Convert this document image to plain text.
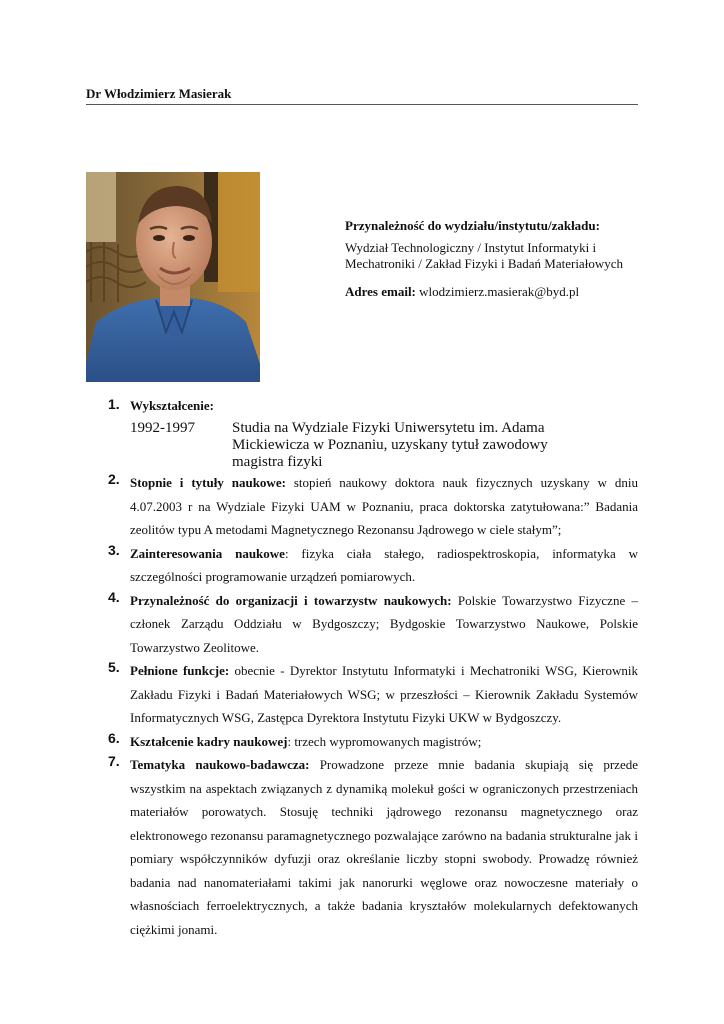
Dr Włodzimierz Masierak
Przynależność do wydziału/instytutu/zakładu:
Wydział Technologiczny / Instytut Informatyki i Mechatroniki / Zakład Fizyki i Badań Materiałowych
Adres email: wlodzimierz.masierak@byd.pl
1. Wykształcenie:
1992-1997	Studia na Wydziale Fizyki Uniwersytetu im. Adama Mickiewicza w Poznaniu, uzyskany tytuł zawodowy magistra fizyki
2. Stopnie i tytuły naukowe: stopień naukowy doktora nauk fizycznych uzyskany w dniu 4.07.2003 r na Wydziale Fizyki UAM w Poznaniu, praca doktorska zatytułowana:” Badania zeolitów typu A metodami Magnetycznego Rezonansu Jądrowego w ciele stałym”;
3. Zainteresowania naukowe: fizyka ciała stałego, radiospektroskopia, informatyka w szczególności programowanie urządzeń pomiarowych.
4. Przynależność do organizacji i towarzystw naukowych: Polskie Towarzystwo Fizyczne – członek Zarządu Oddziału w Bydgoszczy; Bydgoskie Towarzystwo Naukowe, Polskie Towarzystwo Zeolitowe.
5. Pełnione funkcje: obecnie - Dyrektor Instytutu Informatyki i Mechatroniki WSG, Kierownik Zakładu Fizyki i Badań Materiałowych WSG; w przeszłości – Kierownik Zakładu Systemów Informatycznych WSG, Zastępca Dyrektora Instytutu Fizyki UKW w Bydgoszczy.
6. Kształcenie kadry naukowej: trzech wypromowanych magistrów;
7. Tematyka naukowo-badawcza: Prowadzone przeze mnie badania skupiają się przede wszystkim na aspektach związanych z dynamiką molekuł gości w ograniczonych przestrzeniach materiałów porowatych. Stosuję techniki jądrowego rezonansu magnetycznego oraz elektronowego rezonansu paramagnetycznego pozwalające zarówno na badania strukturalne jak i pomiary współczynników dyfuzji oraz określanie liczby stopni swobody. Prowadzę również badania nad nanomateriałami takimi jak nanorurki węglowe oraz nowoczesne materiały o własnościach ferroelektrycznych, a także badania kryształów molekularnych defektowanych ciężkimi jonami.
